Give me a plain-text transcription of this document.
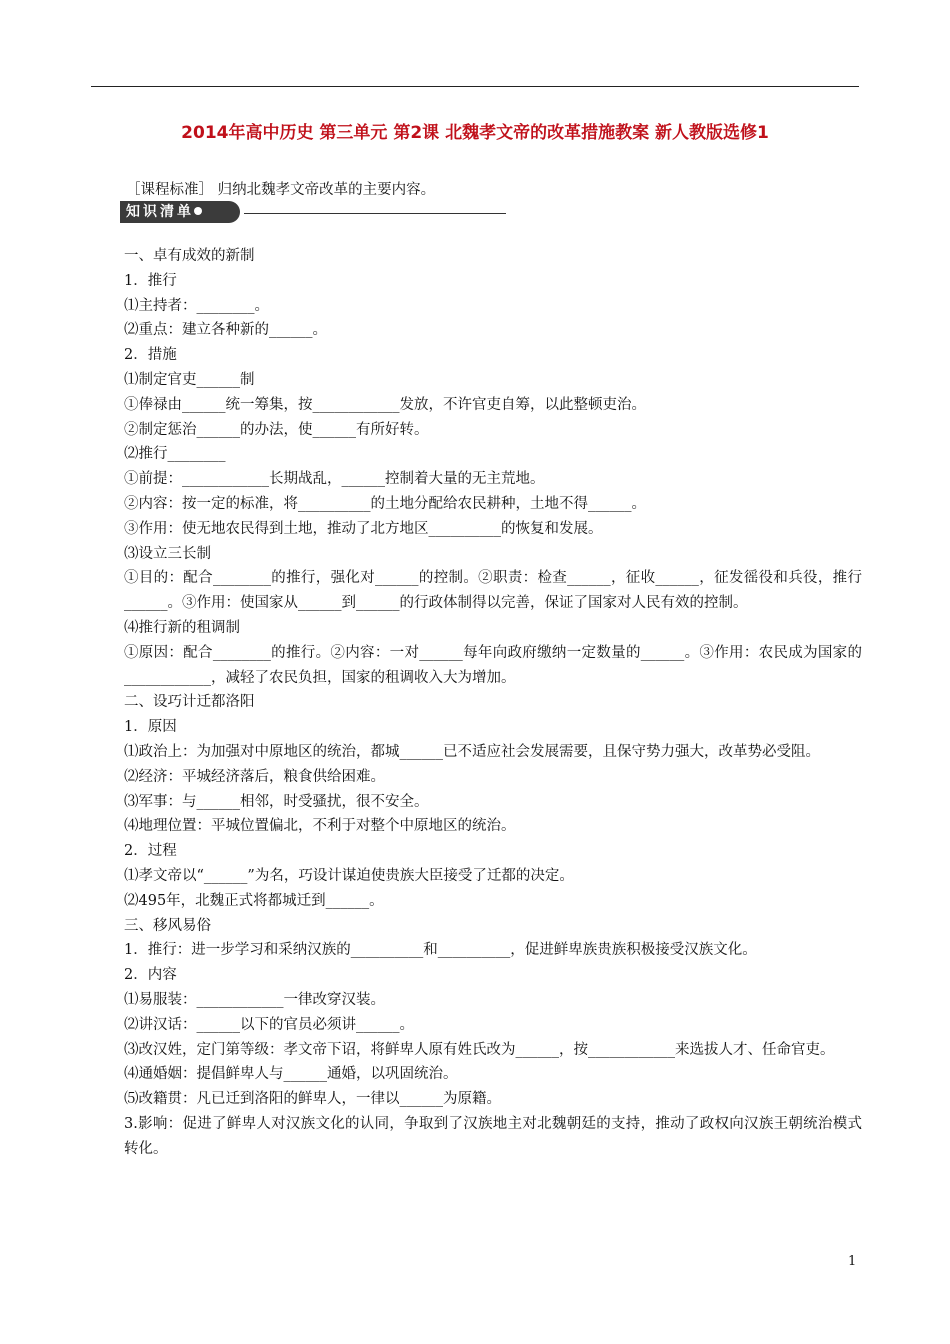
2014年高中历史 第三单元 第2课 北魏孝文帝的改革措施教案 新人教版选修1
［课程标准］ 归纳北魏孝文帝改革的主要内容。
知识清单
一、卓有成效的新制
1．推行
⑴主持者：________。
⑵重点：建立各种新的______。
2．措施
⑴制定官吏______制
①俸禄由______统一筹集，按____________发放，不许官吏自筹，以此整顿吏治。
②制定惩治______的办法，使______有所好转。
⑵推行________
①前提：____________长期战乱，______控制着大量的无主荒地。
②内容：按一定的标准，将__________的土地分配给农民耕种，土地不得______。
③作用：使无地农民得到土地，推动了北方地区__________的恢复和发展。
⑶设立三长制
①目的：配合________的推行，强化对______的控制。②职责：检查______，征收______，征发徭役和兵役，推行______。③作用：使国家从______到______的行政体制得以完善，保证了国家对人民有效的控制。
⑷推行新的租调制
①原因：配合________的推行。②内容：一对______每年向政府缴纳一定数量的______。③作用：农民成为国家的____________，减轻了农民负担，国家的租调收入大为增加。
二、设巧计迁都洛阳
1．原因
⑴政治上：为加强对中原地区的统治，都城______已不适应社会发展需要，且保守势力强大，改革势必受阻。
⑵经济：平城经济落后，粮食供给困难。
⑶军事：与______相邻，时受骚扰，很不安全。
⑷地理位置：平城位置偏北，不利于对整个中原地区的统治。
2．过程
⑴孝文帝以“______”为名，巧设计谋迫使贵族大臣接受了迁都的决定。
⑵495年，北魏正式将都城迁到______。
三、移风易俗
1．推行：进一步学习和采纳汉族的__________和__________，促进鲜卑族贵族积极接受汉族文化。
2．内容
⑴易服装：____________一律改穿汉装。
⑵讲汉话：______以下的官员必须讲______。
⑶改汉姓，定门第等级：孝文帝下诏，将鲜卑人原有姓氏改为______，按____________来选拔人才、任命官吏。
⑷通婚姻：提倡鲜卑人与______通婚，以巩固统治。
⑸改籍贯：凡已迁到洛阳的鲜卑人，一律以______为原籍。
3.影响：促进了鲜卑人对汉族文化的认同，争取到了汉族地主对北魏朝廷的支持，推动了政权向汉族王朝统治模式转化。
1
